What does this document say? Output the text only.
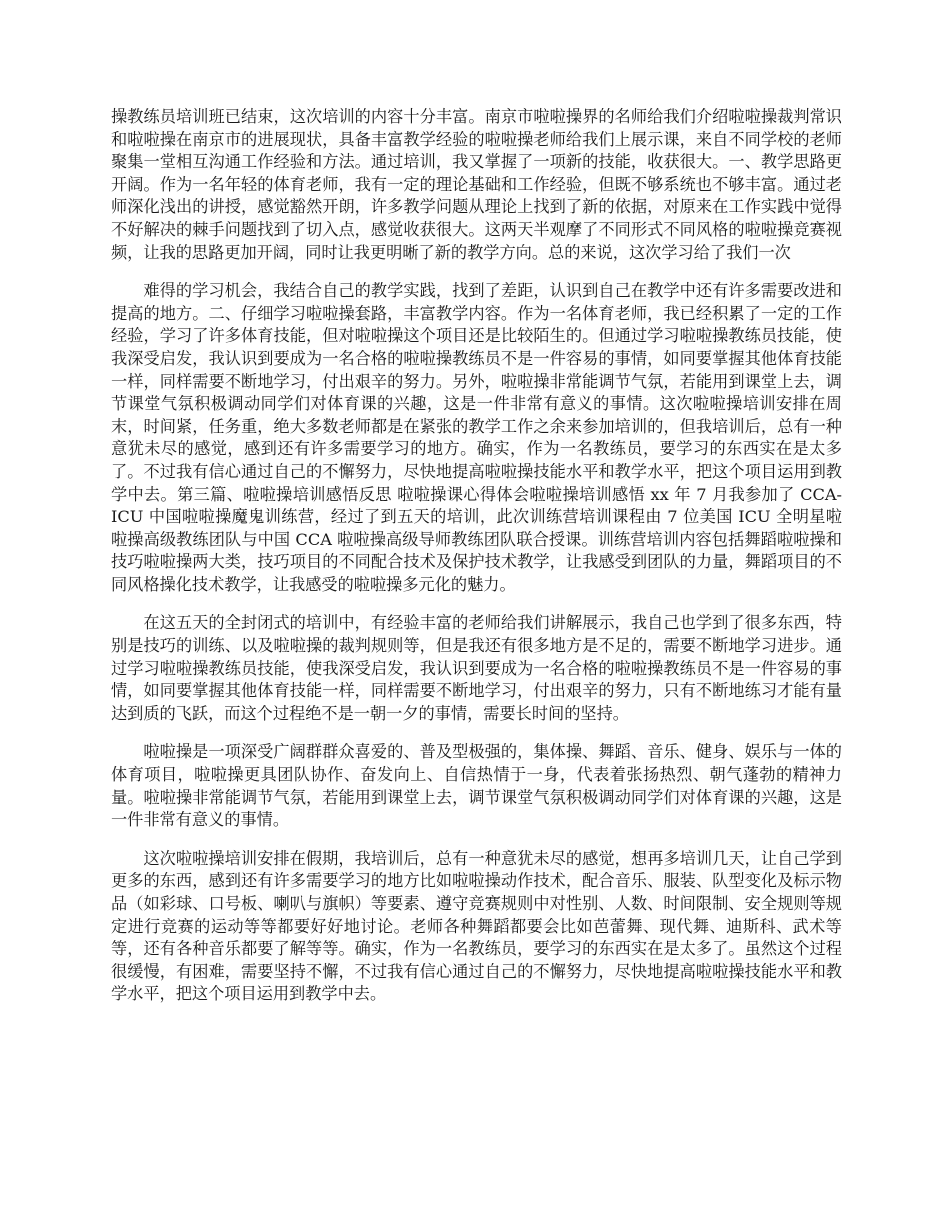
操教练员培训班已结束，这次培训的内容十分丰富。南京市啦啦操界的名师给我们介绍啦啦操裁判常识和啦啦操在南京市的进展现状，具备丰富教学经验的啦啦操老师给我们上展示课，来自不同学校的老师聚集一堂相互沟通工作经验和方法。通过培训，我又掌握了一项新的技能，收获很大。一、教学思路更开阔。作为一名年轻的体育老师，我有一定的理论基础和工作经验，但既不够系统也不够丰富。通过老师深化浅出的讲授，感觉豁然开朗，许多教学问题从理论上找到了新的依据，对原来在工作实践中觉得不好解决的棘手问题找到了切入点，感觉收获很大。这两天半观摩了不同形式不同风格的啦啦操竞赛视频，让我的思路更加开阔，同时让我更明晰了新的教学方向。总的来说，这次学习给了我们一次

难得的学习机会，我结合自己的教学实践，找到了差距，认识到自己在教学中还有许多需要改进和提高的地方。二、仔细学习啦啦操套路，丰富教学内容。作为一名体育老师，我已经积累了一定的工作经验，学习了许多体育技能，但对啦啦操这个项目还是比较陌生的。但通过学习啦啦操教练员技能，使我深受启发，我认识到要成为一名合格的啦啦操教练员不是一件容易的事情，如同要掌握其他体育技能一样，同样需要不断地学习，付出艰辛的努力。另外，啦啦操非常能调节气氛，若能用到课堂上去，调节课堂气氛积极调动同学们对体育课的兴趣，这是一件非常有意义的事情。这次啦啦操培训安排在周末，时间紧，任务重，绝大多数老师都是在紧张的教学工作之余来参加培训的，但我培训后，总有一种意犹未尽的感觉，感到还有许多需要学习的地方。确实，作为一名教练员，要学习的东西实在是太多了。不过我有信心通过自己的不懈努力，尽快地提高啦啦操技能水平和教学水平，把这个项目运用到教学中去。第三篇、啦啦操培训感悟反思 啦啦操课心得体会啦啦操培训感悟 xx 年 7 月我参加了 CCA-ICU 中国啦啦操魔鬼训练营，经过了到五天的培训，此次训练营培训课程由 7 位美国 ICU 全明星啦啦操高级教练团队与中国 CCA 啦啦操高级导师教练团队联合授课。训练营培训内容包括舞蹈啦啦操和技巧啦啦操两大类，技巧项目的不同配合技术及保护技术教学，让我感受到团队的力量，舞蹈项目的不同风格操化技术教学，让我感受的啦啦操多元化的魅力。

在这五天的全封闭式的培训中，有经验丰富的老师给我们讲解展示，我自己也学到了很多东西，特别是技巧的训练、以及啦啦操的裁判规则等，但是我还有很多地方是不足的，需要不断地学习进步。通过学习啦啦操教练员技能，使我深受启发，我认识到要成为一名合格的啦啦操教练员不是一件容易的事情，如同要掌握其他体育技能一样，同样需要不断地学习，付出艰辛的努力，只有不断地练习才能有量达到质的飞跃，而这个过程绝不是一朝一夕的事情，需要长时间的坚持。

啦啦操是一项深受广阔群群众喜爱的、普及型极强的，集体操、舞蹈、音乐、健身、娱乐与一体的体育项目，啦啦操更具团队协作、奋发向上、自信热情于一身，代表着张扬热烈、朝气蓬勃的精神力量。啦啦操非常能调节气氛，若能用到课堂上去，调节课堂气氛积极调动同学们对体育课的兴趣，这是一件非常有意义的事情。

这次啦啦操培训安排在假期，我培训后，总有一种意犹未尽的感觉，想再多培训几天，让自己学到更多的东西，感到还有许多需要学习的地方比如啦啦操动作技术，配合音乐、服装、队型变化及标示物品（如彩球、口号板、喇叭与旗帜）等要素、遵守竞赛规则中对性别、人数、时间限制、安全规则等规定进行竞赛的运动等等都要好好地讨论。老师各种舞蹈都要会比如芭蕾舞、现代舞、迪斯科、武术等等，还有各种音乐都要了解等等。确实，作为一名教练员，要学习的东西实在是太多了。虽然这个过程很缓慢，有困难，需要坚持不懈，不过我有信心通过自己的不懈努力，尽快地提高啦啦操技能水平和教学水平，把这个项目运用到教学中去。
